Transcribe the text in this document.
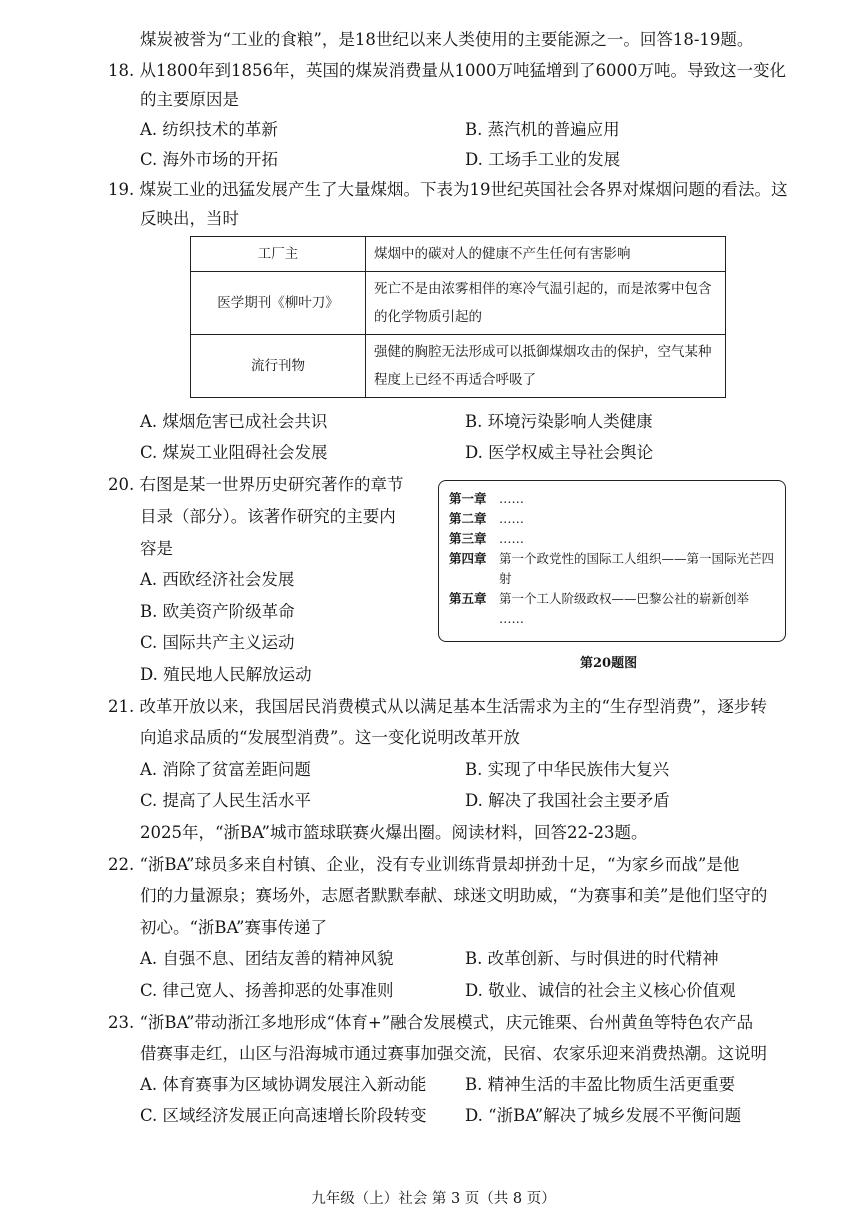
煤炭被誉为“工业的食粮”，是18世纪以来人类使用的主要能源之一。回答18-19题。
18. 从1800年到1856年，英国的煤炭消费量从1000万吨猛增到了6000万吨。导致这一变化
的主要原因是
A. 纺织技术的革新	B. 蒸汽机的普遍应用
C. 海外市场的开拓	D. 工场手工业的发展
19. 煤炭工业的迅猛发展产生了大量煤烟。下表为19世纪英国社会各界对煤烟问题的看法。这
反映出，当时
工厂主	煤烟中的碳对人的健康不产生任何有害影响
医学期刊《柳叶刀》	死亡不是由浓雾相伴的寒冷气温引起的，而是浓雾中包含的化学物质引起的
流行刊物	强健的胸腔无法形成可以抵御煤烟攻击的保护，空气某种程度上已经不再适合呼吸了
A. 煤烟危害已成社会共识	B. 环境污染影响人类健康
C. 煤炭工业阻碍社会发展	D. 医学权威主导社会舆论
20. 右图是某一世界历史研究著作的章节
目录（部分）。该著作研究的主要内
容是
A. 西欧经济社会发展
B. 欧美资产阶级革命
C. 国际共产主义运动
D. 殖民地人民解放运动
第一章 ……
第二章 ……
第三章 ……
第四章 第一个政党性的国际工人组织——第一国际光芒四射
第五章 第一个工人阶级政权——巴黎公社的崭新创举
……
第20题图
21. 改革开放以来，我国居民消费模式从以满足基本生活需求为主的“生存型消费”，逐步转
向追求品质的“发展型消费”。这一变化说明改革开放
A. 消除了贫富差距问题	B. 实现了中华民族伟大复兴
C. 提高了人民生活水平	D. 解决了我国社会主要矛盾
2025年，“浙BA”城市篮球联赛火爆出圈。阅读材料，回答22-23题。
22. “浙BA”球员多来自村镇、企业，没有专业训练背景却拼劲十足，“为家乡而战”是他
们的力量源泉；赛场外，志愿者默默奉献、球迷文明助威，“为赛事和美”是他们坚守的
初心。“浙BA”赛事传递了
A. 自强不息、团结友善的精神风貌	B. 改革创新、与时俱进的时代精神
C. 律己宽人、扬善抑恶的处事准则	D. 敬业、诚信的社会主义核心价值观
23. “浙BA”带动浙江多地形成“体育+”融合发展模式，庆元锥栗、台州黄鱼等特色农产品
借赛事走红，山区与沿海城市通过赛事加强交流，民宿、农家乐迎来消费热潮。这说明
A. 体育赛事为区域协调发展注入新动能 B. 精神生活的丰盈比物质生活更重要
C. 区域经济发展正向高速增长阶段转变 D. “浙BA”解决了城乡发展不平衡问题
九年级（上）社会 第 3 页（共 8 页）
